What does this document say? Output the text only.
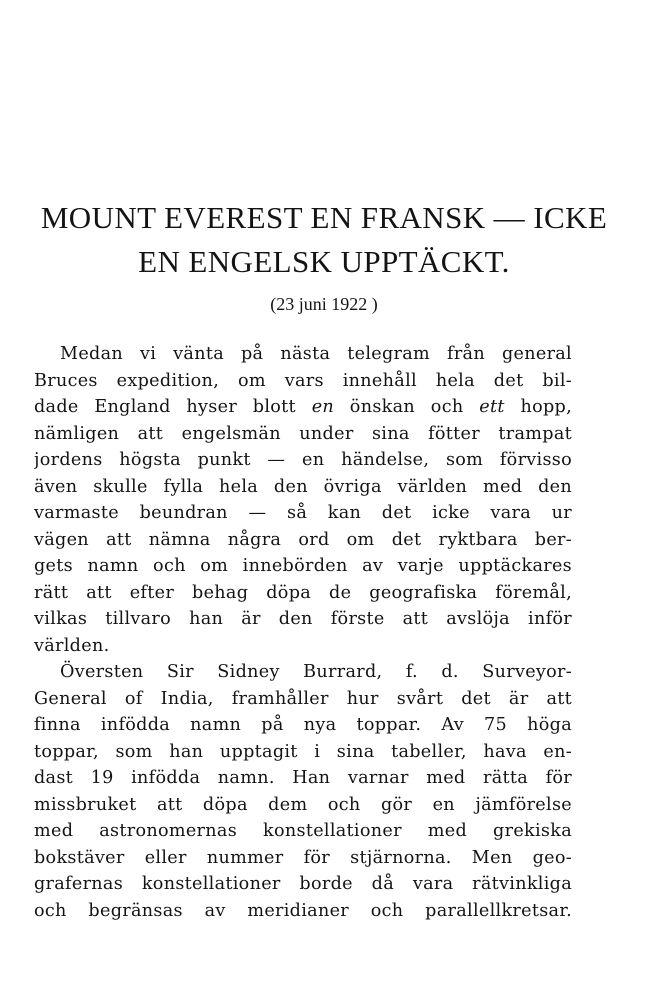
MOUNT EVEREST EN FRANSK — ICKE
EN ENGELSK UPPTÄCKT.
(23 juni 1922 )
Medan vi vänta på nästa telegram från general
Bruces expedition, om vars innehåll hela det bil-
dade England hyser blott en önskan och ett hopp,
nämligen att engelsmän under sina fötter trampat
jordens högsta punkt — en händelse, som förvisso
även skulle fylla hela den övriga världen med den
varmaste beundran — så kan det icke vara ur
vägen att nämna några ord om det ryktbara ber-
gets namn och om innebörden av varje upptäckares
rätt att efter behag döpa de geografiska föremål,
vilkas tillvaro han är den förste att avslöja inför
världen.
Översten Sir Sidney Burrard, f. d. Surveyor-
General of India, framhåller hur svårt det är att
finna infödda namn på nya toppar. Av 75 höga
toppar, som han upptagit i sina tabeller, hava en-
dast 19 infödda namn. Han varnar med rätta för
missbruket att döpa dem och gör en jämförelse
med astronomernas konstellationer med grekiska
bokstäver eller nummer för stjärnorna. Men geo-
grafernas konstellationer borde då vara rätvinkliga
och begränsas av meridianer och parallellkretsar.
